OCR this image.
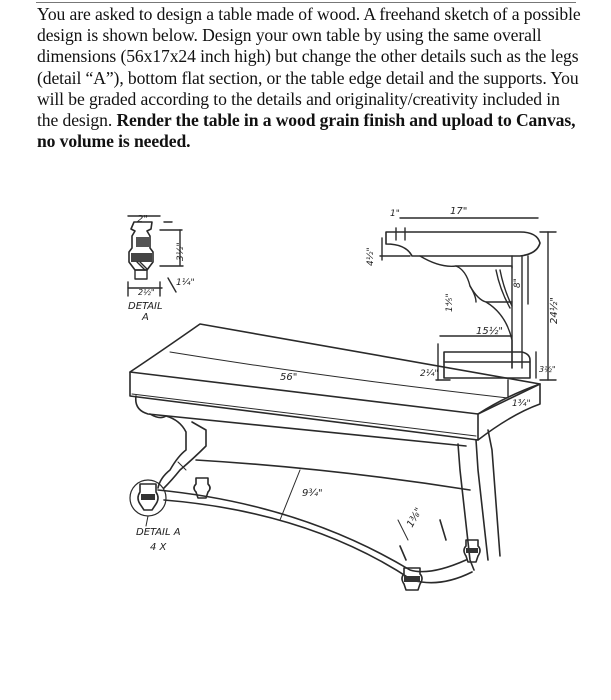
You are asked to design a table made of wood. A freehand sketch of a possible design is shown below. Design your own table by using the same overall dimensions (56x17x24 inch high) but change the other details such as the legs (detail “A”), bottom flat section, or the table edge detail and the supports. You will be graded according to the details and originality/creativity included in the design. Render the table in a wood grain finish and upload to Canvas, no volume is needed.
2"
3½"
1¼"
2½"
DETAIL
A
17"
1"
4½"
8"
1⅘"	24½"
15½"
2¼"	3½"
1¾"
56"
9¾"
1⅜"
DETAIL A
4 X
